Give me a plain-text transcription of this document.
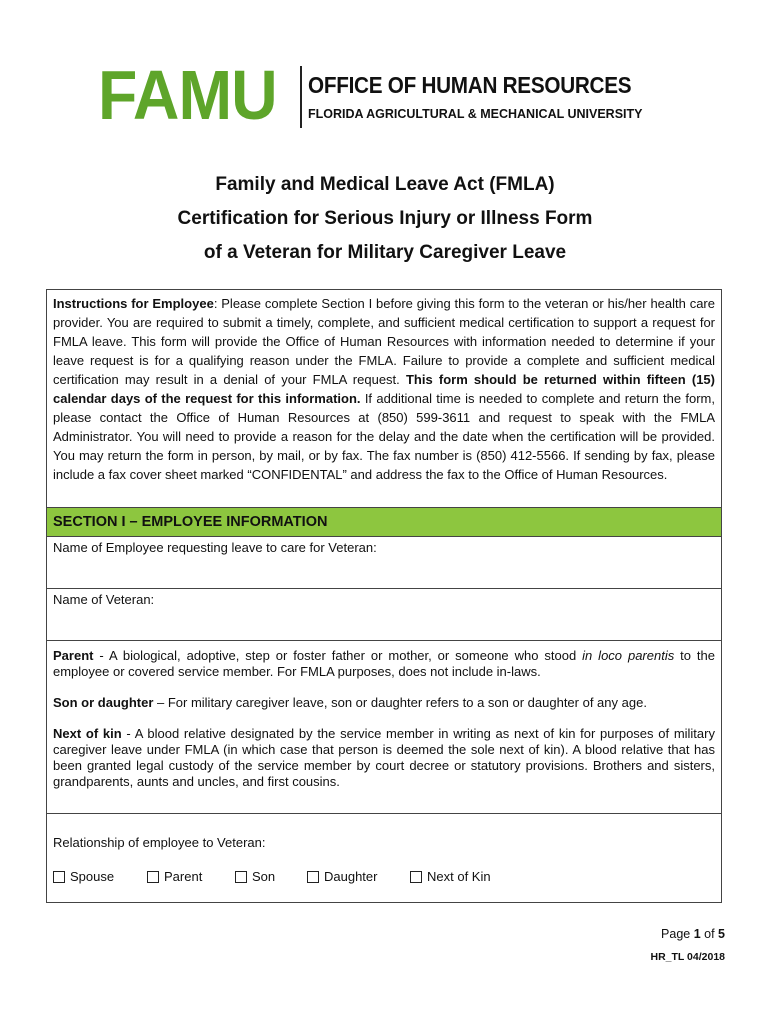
FAMU OFFICE OF HUMAN RESOURCES
FLORIDA AGRICULTURAL & MECHANICAL UNIVERSITY
Family and Medical Leave Act (FMLA)
Certification for Serious Injury or Illness Form
of a Veteran for Military Caregiver Leave
Instructions for Employee: Please complete Section I before giving this form to the veteran or his/her health care provider. You are required to submit a timely, complete, and sufficient medical certification to support a request for FMLA leave. This form will provide the Office of Human Resources with information needed to determine if your leave request is for a qualifying reason under the FMLA. Failure to provide a complete and sufficient medical certification may result in a denial of your FMLA request. This form should be returned within fifteen (15) calendar days of the request for this information. If additional time is needed to complete and return the form, please contact the Office of Human Resources at (850) 599-3611 and request to speak with the FMLA Administrator. You will need to provide a reason for the delay and the date when the certification will be provided. You may return the form in person, by mail, or by fax. The fax number is (850) 412-5566. If sending by fax, please include a fax cover sheet marked “CONFIDENTAL” and address the fax to the Office of Human Resources.
SECTION I – EMPLOYEE INFORMATION
Name of Employee requesting leave to care for Veteran:
Name of Veteran:

Parent - A biological, adoptive, step or foster father or mother, or someone who stood in loco parentis to the employee or covered service member. For FMLA purposes, does not include in-laws.

Son or daughter – For military caregiver leave, son or daughter refers to a son or daughter of any age.

Next of kin - A blood relative designated by the service member in writing as next of kin for purposes of military caregiver leave under FMLA (in which case that person is deemed the sole next of kin). A blood relative that has been granted legal custody of the service member by court decree or statutory provisions. Brothers and sisters, grandparents, aunts and uncles, and first cousins.

Relationship of employee to Veteran:
Spouse	Parent	Son	Daughter	Next of Kin
Page 1 of 5
HR_TL 04/2018
